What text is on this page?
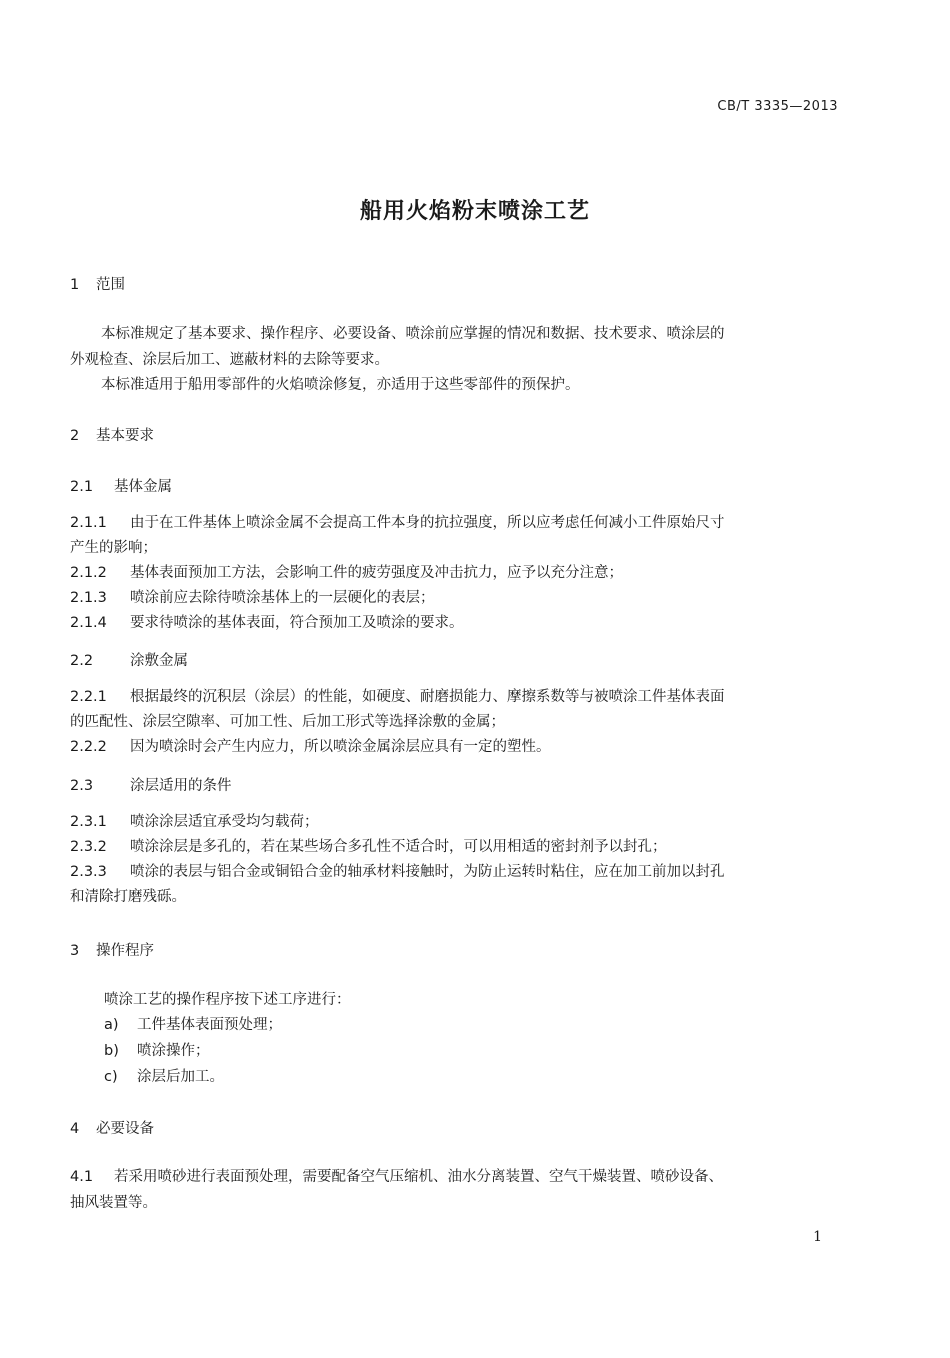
CB/T 3335—2013
船用火焰粉末喷涂工艺
1 范围
本标准规定了基本要求、操作程序、必要设备、喷涂前应掌握的情况和数据、技术要求、喷涂层的
外观检查、涂层后加工、遮蔽材料的去除等要求。
本标准适用于船用零部件的火焰喷涂修复，亦适用于这些零部件的预保护。
2 基本要求
2.1 基体金属
2.1.1 由于在工件基体上喷涂金属不会提高工件本身的抗拉强度，所以应考虑任何减小工件原始尺寸
产生的影响；
2.1.2 基体表面预加工方法，会影响工件的疲劳强度及冲击抗力，应予以充分注意；
2.1.3 喷涂前应去除待喷涂基体上的一层硬化的表层；
2.1.4 要求待喷涂的基体表面，符合预加工及喷涂的要求。
2.2	涂敷金属
2.2.1 根据最终的沉积层（涂层）的性能，如硬度、耐磨损能力、摩擦系数等与被喷涂工件基体表面
的匹配性、涂层空隙率、可加工性、后加工形式等选择涂敷的金属；
2.2.2 因为喷涂时会产生内应力，所以喷涂金属涂层应具有一定的塑性。
2.3	涂层适用的条件
2.3.1 喷涂涂层适宜承受均匀载荷；
2.3.2 喷涂涂层是多孔的，若在某些场合多孔性不适合时，可以用相适的密封剂予以封孔；
2.3.3 喷涂的表层与铝合金或铜铅合金的轴承材料接触时，为防止运转时粘住，应在加工前加以封孔
和清除打磨残砾。
3 操作程序
喷涂工艺的操作程序按下述工序进行：
a) 工件基体表面预处理；
b) 喷涂操作；
c) 涂层后加工。
4 必要设备
4.1 若采用喷砂进行表面预处理，需要配备空气压缩机、油水分离装置、空气干燥装置、喷砂设备、
抽风装置等。
1
